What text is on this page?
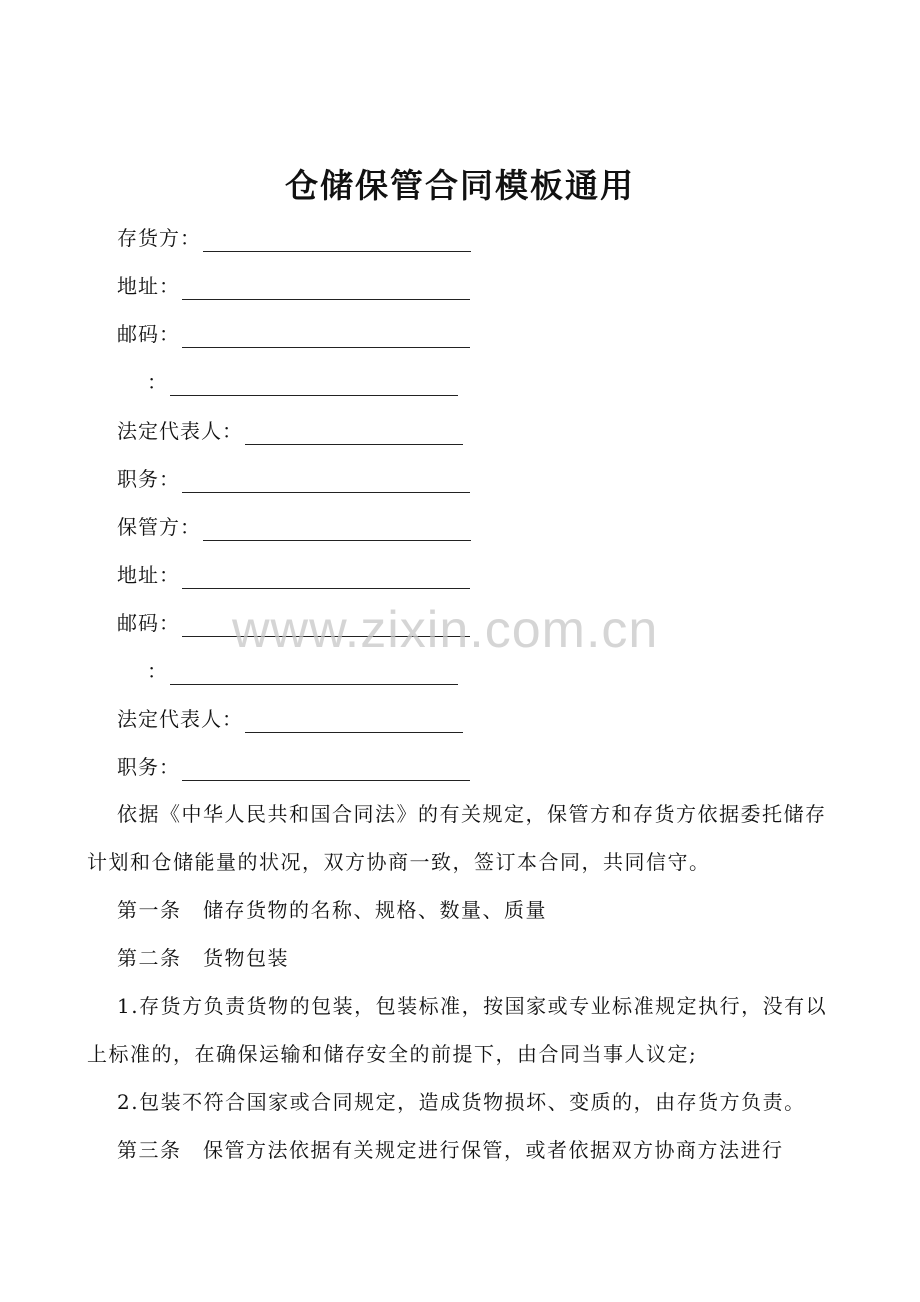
仓储保管合同模板通用
存货方：
地址：
邮码：
：
法定代表人：
职务：
保管方：
地址：
邮码：
：
法定代表人：
职务：

依据《中华人民共和国合同法》的有关规定，保管方和存货方依据委托储存计划和仓储能量的状况，双方协商一致，签订本合同，共同信守。

第一条　储存货物的名称、规格、数量、质量

第二条　货物包装

1.存货方负责货物的包装，包装标准，按国家或专业标准规定执行，没有以上标准的，在确保运输和储存安全的前提下，由合同当事人议定;

2.包装不符合国家或合同规定，造成货物损坏、变质的，由存货方负责。

第三条　保管方法依据有关规定进行保管，或者依据双方协商方法进行

www.zixin.com.cn
